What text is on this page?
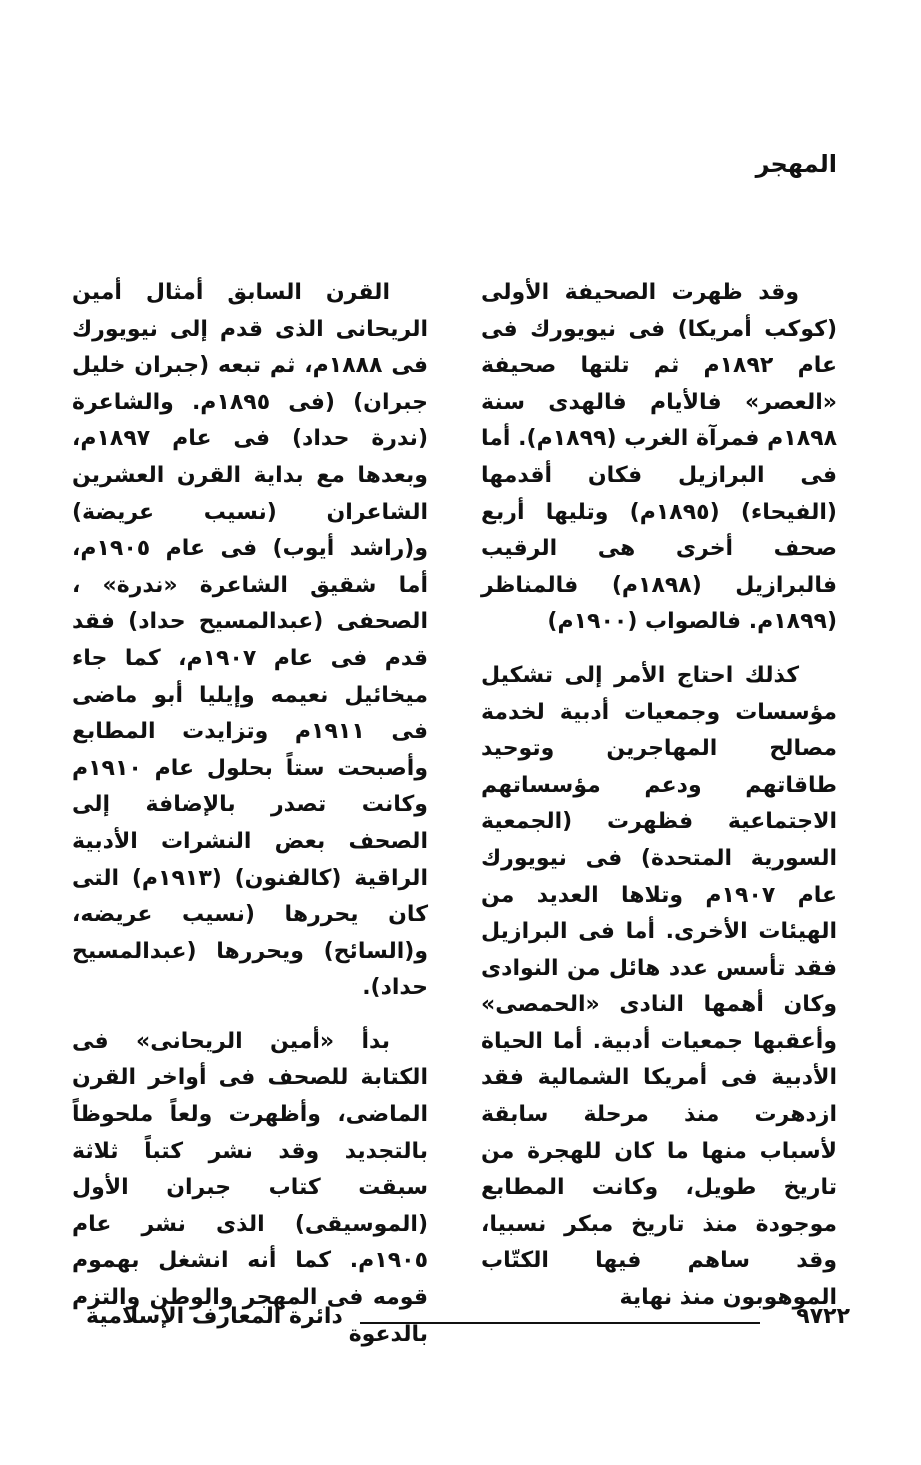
المهجر

وقد ظهرت الصحيفة الأولى (كوكب أمريكا) فى نيويورك فى عام ١٨٩٢م ثم تلتها صحيفة «العصر» فالأيام فالهدى سنة ١٨٩٨م فمرآة الغرب (١٨٩٩م). أما فى البرازيل فكان أقدمها (الفيحاء) (١٨٩٥م) وتليها أربع صحف أخرى هى الرقيب فالبرازيل (١٨٩٨م) فالمناظر (١٨٩٩م. فالصواب (١٩٠٠م)

كذلك احتاج الأمر إلى تشكيل مؤسسات وجمعيات أدبية لخدمة مصالح المهاجرين وتوحيد طاقاتهم ودعم مؤسساتهم الاجتماعية فظهرت (الجمعية السورية المتحدة) فى نيويورك عام ١٩٠٧م وتلاها العديد من الهيئات الأخرى. أما فى البرازيل فقد تأسس عدد هائل من النوادى وكان أهمها النادى «الحمصى» وأعقبها جمعيات أدبية. أما الحياة الأدبية فى أمريكا الشمالية فقد ازدهرت منذ مرحلة سابقة لأسباب منها ما كان للهجرة من تاريخ طويل، وكانت المطابع موجودة منذ تاريخ مبكر نسبيا، وقد ساهم فيها الكتّاب الموهوبون منذ نهاية

القرن السابق أمثال أمين الريحانى الذى قدم إلى نيويورك فى ١٨٨٨م، ثم تبعه (جبران خليل جبران) (فى ١٨٩٥م. والشاعرة (ندرة حداد) فى عام ١٨٩٧م، وبعدها مع بداية القرن العشرين الشاعران (نسيب عريضة) و(راشد أيوب) فى عام ١٩٠٥م، أما شقيق الشاعرة «ندرة» ، الصحفى (عبدالمسيح حداد) فقد قدم فى عام ١٩٠٧م، كما جاء ميخائيل نعيمه وإيليا أبو ماضى فى ١٩١١م وتزايدت المطابع وأصبحت ستاً بحلول عام ١٩١٠م وكانت تصدر بالإضافة إلى الصحف بعض النشرات الأدبية الراقية (كالفنون) (١٩١٣م) التى كان يحررها (نسيب عريضه، و(السائح) ويحررها (عبدالمسيح حداد).

بدأ «أمين الريحانى» فى الكتابة للصحف فى أواخر القرن الماضى، وأظهرت ولعاً ملحوظاً بالتجديد وقد نشر كتباً ثلاثة سبقت كتاب جبران الأول (الموسيقى) الذى نشر عام ١٩٠٥م. كما أنه انشغل بهموم قومه فى المهجر والوطن والتزم بالدعوة

٩٧٢٢
دائرة المعارف الإسلامية
